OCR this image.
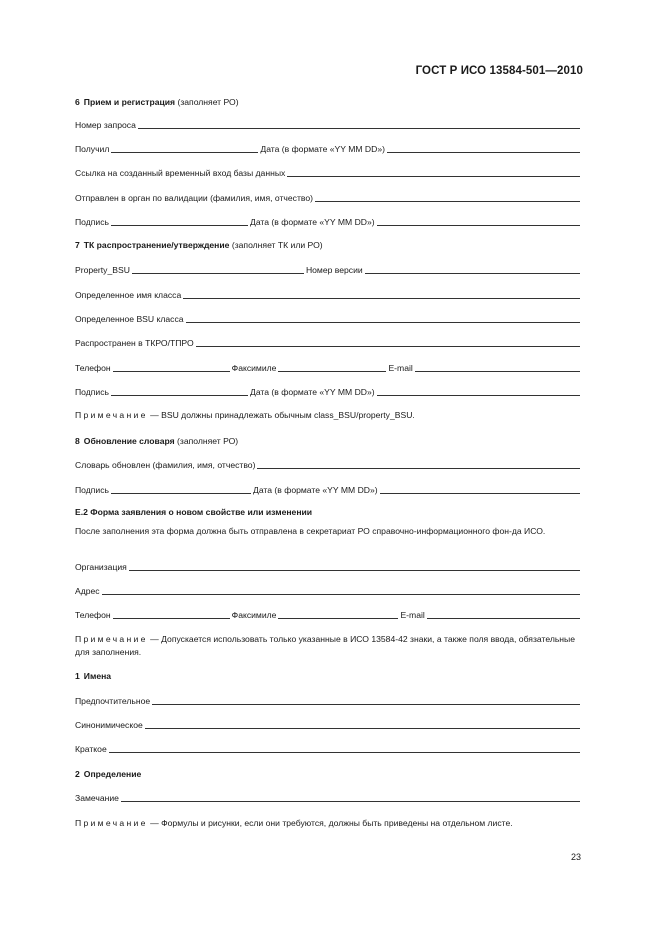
ГОСТ Р ИСО 13584-501—2010
6 Прием и регистрация (заполняет РО)
Номер запроса
Получил	Дата (в формате «YY MM DD»)
Ссылка на созданный временный вход базы данных
Отправлен в орган по валидации (фамилия, имя, отчество)
Подпись	Дата (в формате «YY MM DD»)
7 ТК распространение/утверждение (заполняет ТК или РО)
Property_BSU	Номер версии
Определенное имя класса
Определенное BSU класса
Распространен в ТКРО/ТПРО
Телефон	Факсимиле	E-mail
Подпись	Дата (в формате «YY MM DD»)
Примечание — BSU должны принадлежать обычным class_BSU/property_BSU.
8 Обновление словаря (заполняет РО)
Словарь обновлен (фамилия, имя, отчество)
Подпись	Дата (в формате «YY MM DD»)
Е.2 Форма заявления о новом свойстве или изменении
После заполнения эта форма должна быть отправлена в секретариат РО справочно-информационного фон-да ИСО.
Организация
Адрес
Телефон	Факсимиле	E-mail
Примечание — Допускается использовать только указанные в ИСО 13584-42 знаки, а также поля ввода, обязательные для заполнения.
1 Имена
Предпочтительное
Синонимическое
Краткое
2 Определение
Замечание
Примечание — Формулы и рисунки, если они требуются, должны быть приведены на отдельном листе.
23
